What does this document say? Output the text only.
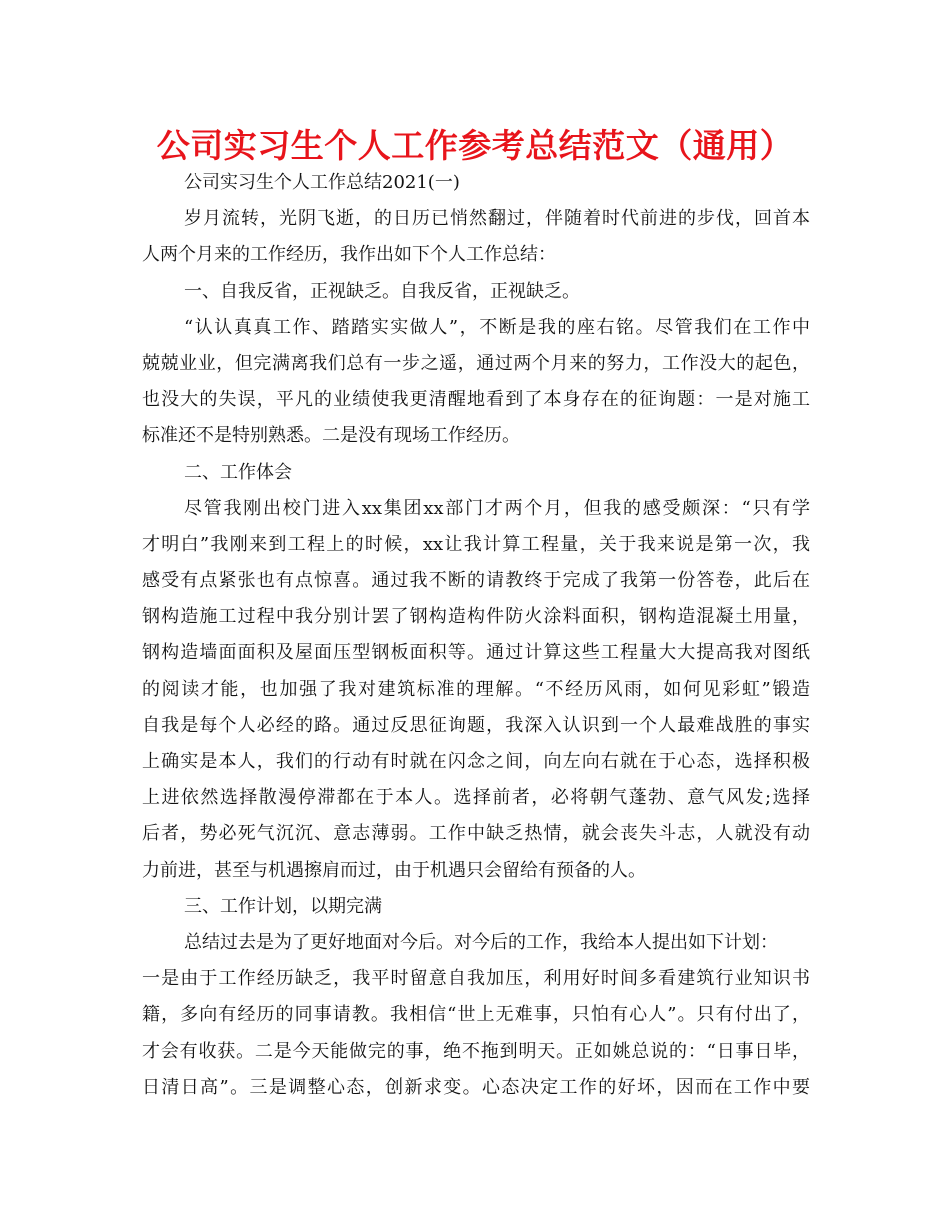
公司实习生个人工作参考总结范文（通用）
公司实习生个人工作总结2021(一)
岁月流转，光阴飞逝，的日历已悄然翻过，伴随着时代前进的步伐，回首本
人两个月来的工作经历，我作出如下个人工作总结：
一、自我反省，正视缺乏。自我反省，正视缺乏。
“认认真真工作、踏踏实实做人”，不断是我的座右铭。尽管我们在工作中
兢兢业业，但完满离我们总有一步之遥，通过两个月来的努力，工作没大的起色，
也没大的失误，平凡的业绩使我更清醒地看到了本身存在的征询题：一是对施工
标准还不是特别熟悉。二是没有现场工作经历。
二、工作体会
尽管我刚出校门进入xx集团xx部门才两个月，但我的感受颇深：“只有学
才明白”我刚来到工程上的时候，xx让我计算工程量，关于我来说是第一次，我
感受有点紧张也有点惊喜。通过我不断的请教终于完成了我第一份答卷，此后在
钢构造施工过程中我分别计罢了钢构造构件防火涂料面积，钢构造混凝土用量，
钢构造墙面面积及屋面压型钢板面积等。通过计算这些工程量大大提高我对图纸
的阅读才能，也加强了我对建筑标准的理解。“不经历风雨，如何见彩虹”锻造
自我是每个人必经的路。通过反思征询题，我深入认识到一个人最难战胜的事实
上确实是本人，我们的行动有时就在闪念之间，向左向右就在于心态，选择积极
上进依然选择散漫停滞都在于本人。选择前者，必将朝气蓬勃、意气风发;选择
后者，势必死气沉沉、意志薄弱。工作中缺乏热情，就会丧失斗志，人就没有动
力前进，甚至与机遇擦肩而过，由于机遇只会留给有预备的人。
三、工作计划，以期完满
总结过去是为了更好地面对今后。对今后的工作，我给本人提出如下计划：
一是由于工作经历缺乏，我平时留意自我加压，利用好时间多看建筑行业知识书
籍，多向有经历的同事请教。我相信“世上无难事，只怕有心人”。只有付出了，
才会有收获。二是今天能做完的事，绝不拖到明天。正如姚总说的：“日事日毕，
日清日高”。三是调整心态，创新求变。心态决定工作的好坏，因而在工作中要
